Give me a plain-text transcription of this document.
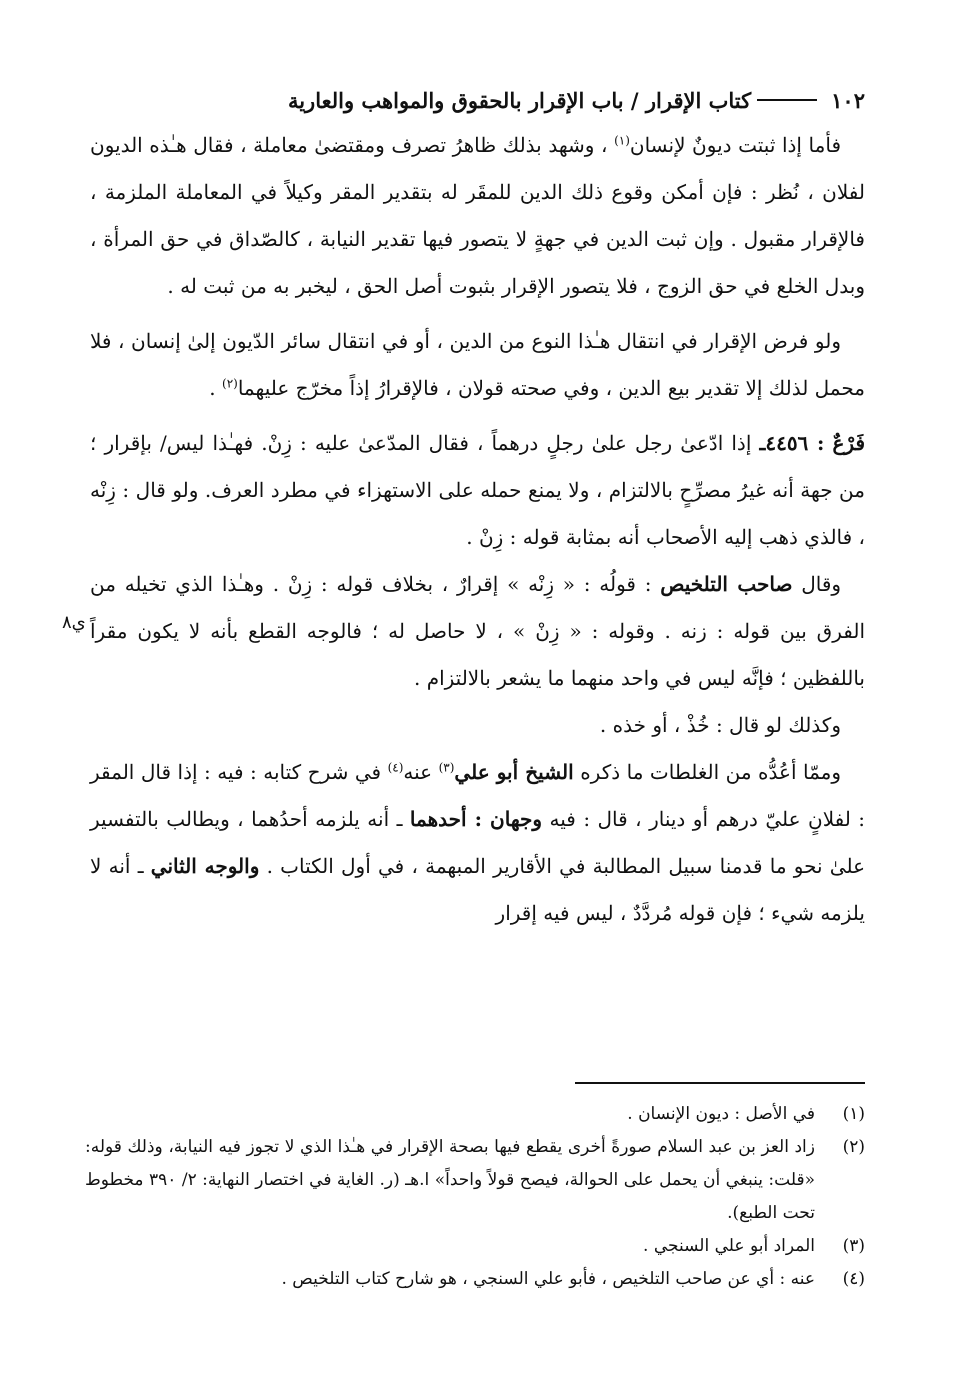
١٠٢
كتاب الإقرار / باب الإقرار بالحقوق والمواهب والعارية

فأما إذا ثبتت ديونٌ لإنسان$^{(١)}$ ، وشهد بذلك ظاهرُ تصرف ومقتضىٰ معاملة ، فقال هـٰذه الديون لفلان ، نُظر : فإن أمكن وقوع ذلك الدين للمقَر له بتقدير المقر وكيلاً في المعاملة الملزمة ، فالإقرار مقبول . وإن ثبت الدين في جهةٍ لا يتصور فيها تقدير النيابة ، كالصّداق في حق المرأة ، وبدل الخلع في حق الزوج ، فلا يتصور الإقرار بثبوت أصل الحق ، ليخبر به من ثبت له .

ولو فرض الإقرار في انتقال هـٰذا النوع من الدين ، أو في انتقال سائر الدّيون إلىٰ إنسان ، فلا محمل لذلك إلا تقدير بيع الدين ، وفي صحته قولان ، فالإقرارُ إذاً مخرّج عليهما$^{(٢)}$ .

فَرْعٌ : ٤٤٥٦ـ إذا ادّعىٰ رجل علىٰ رجلٍ درهماً ، فقال المدّعىٰ عليه : زِنْ. فهـٰذا ليس/ بإقرار ؛ من جهة أنه غيرُ مصرِّحٍ بالالتزام ، ولا يمنع حمله على الاستهزاء في مطرد العرف. ولو قال : زِنْه ، فالذي ذهب إليه الأصحاب أنه بمثابة قوله : زِنْ .

وقال صاحب التلخيص : قولُه : « زِنْه » إقرارٌ ، بخلاف قوله : زِنْ . وهـٰذا الذي تخيله من الفرق بين قوله : زنه . وقوله : « زِنْ » ، لا حاصل له ؛ فالوجه القطع بأنه لا يكون مقراً باللفظين ؛ فإنَّه ليس في واحد منهما ما يشعر بالالتزام .

وكذلك لو قال : خُذْ ، أو خذه .

وممّا أعُدُّه من الغلطات ما ذكره الشيخ أبو علي$^{(٣)}$ عنه$^{(٤)}$ في شرح كتابه : فيه : إذا قال المقر : لفلانٍ عليّ درهم أو دينار ، قال : فيه وجهان : أحدهما ـ أنه يلزمه أحدُهما ، ويطالب بالتفسير علىٰ نحو ما قدمنا سبيل المطالبة في الأقارير المبهمة ، في أول الكتاب . والوجه الثاني ـ أنه لا يلزمه شيء ؛ فإن قوله مُردَّدٌ ، ليس فيه إقرار

ي٨
(١)
في الأصل : ديون الإنسان .
(٢)
زاد العز بن عبد السلام صورةً أخرى يقطع فيها بصحة الإقرار في هـٰذا الذي لا تجوز فيه النيابة، وذلك قوله: «قلت: ينبغي أن يحمل على الحوالة، فيصح قولاً واحداً» ا.هـ (ر. الغاية في اختصار النهاية: ٢/ ٣٩٠ مخطوط تحت الطبع).
(٣)
المراد أبو علي السنجي .
(٤)
عنه : أي عن صاحب التلخيص ، فأبو علي السنجي ، هو شارح كتاب التلخيص .
